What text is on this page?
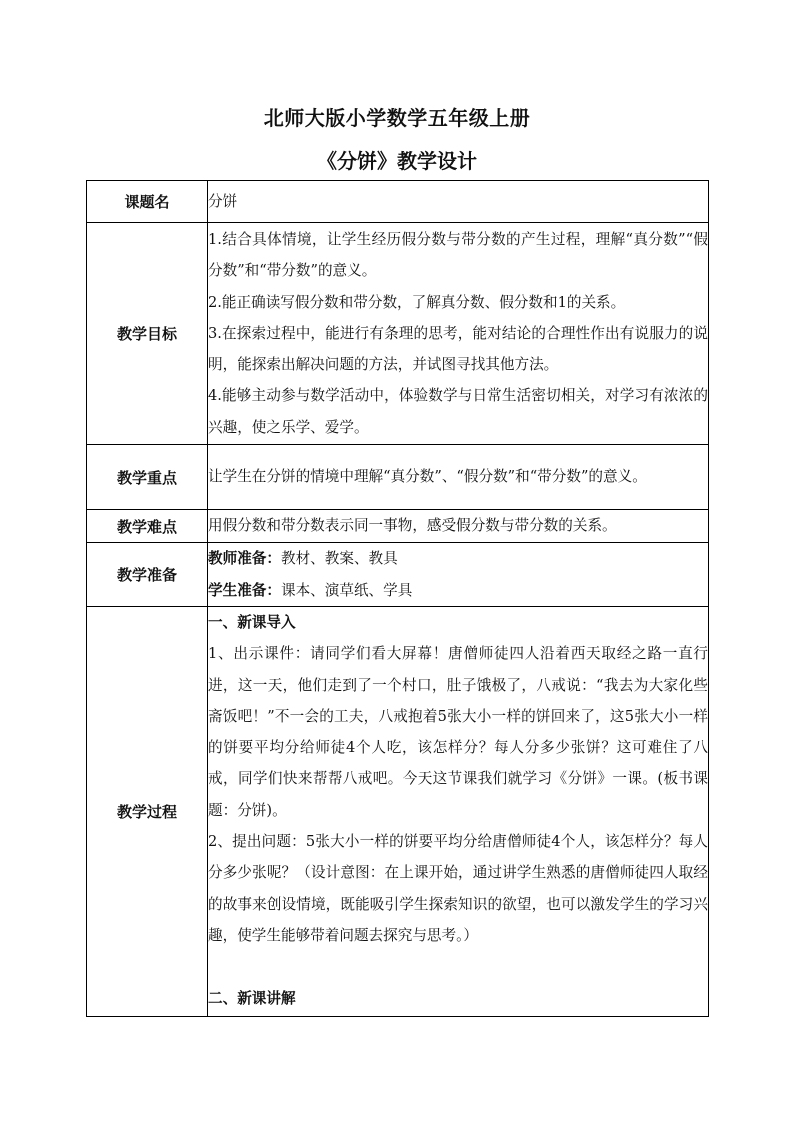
北师大版小学数学五年级上册
《分饼》教学设计
课题名	分饼
教学目标	1.结合具体情境，让学生经历假分数与带分数的产生过程，理解“真分数”“假分数”和“带分数”的意义。

2.能正确读写假分数和带分数，了解真分数、假分数和1的关系。

3.在探索过程中，能进行有条理的思考，能对结论的合理性作出有说服力的说明，能探索出解决问题的方法，并试图寻找其他方法。

4.能够主动参与数学活动中，体验数学与日常生活密切相关，对学习有浓浓的兴趣，使之乐学、爱学。

教学重点	让学生在分饼的情境中理解“真分数”、“假分数”和“带分数”的意义。
教学难点	用假分数和带分数表示同一事物，感受假分数与带分数的关系。
教学准备	教师准备：教材、教案、教具

学生准备：课本、演草纸、学具

教学过程	一、新课导入

1、出示课件：请同学们看大屏幕！唐僧师徒四人沿着西天取经之路一直行进，这一天，他们走到了一个村口，肚子饿极了，八戒说：“我去为大家化些斋饭吧！”不一会的工夫，八戒抱着5张大小一样的饼回来了，这5张大小一样的饼要平均分给师徒4个人吃，该怎样分？每人分多少张饼？这可难住了八戒，同学们快来帮帮八戒吧。今天这节课我们就学习《分饼》一课。(板书课题：分饼)。

2、提出问题：5张大小一样的饼要平均分给唐僧师徒4个人，该怎样分？每人分多少张呢？（设计意图：在上课开始，通过讲学生熟悉的唐僧师徒四人取经的故事来创设情境，既能吸引学生探索知识的欲望，也可以激发学生的学习兴趣，使学生能够带着问题去探究与思考。）

二、新课讲解
